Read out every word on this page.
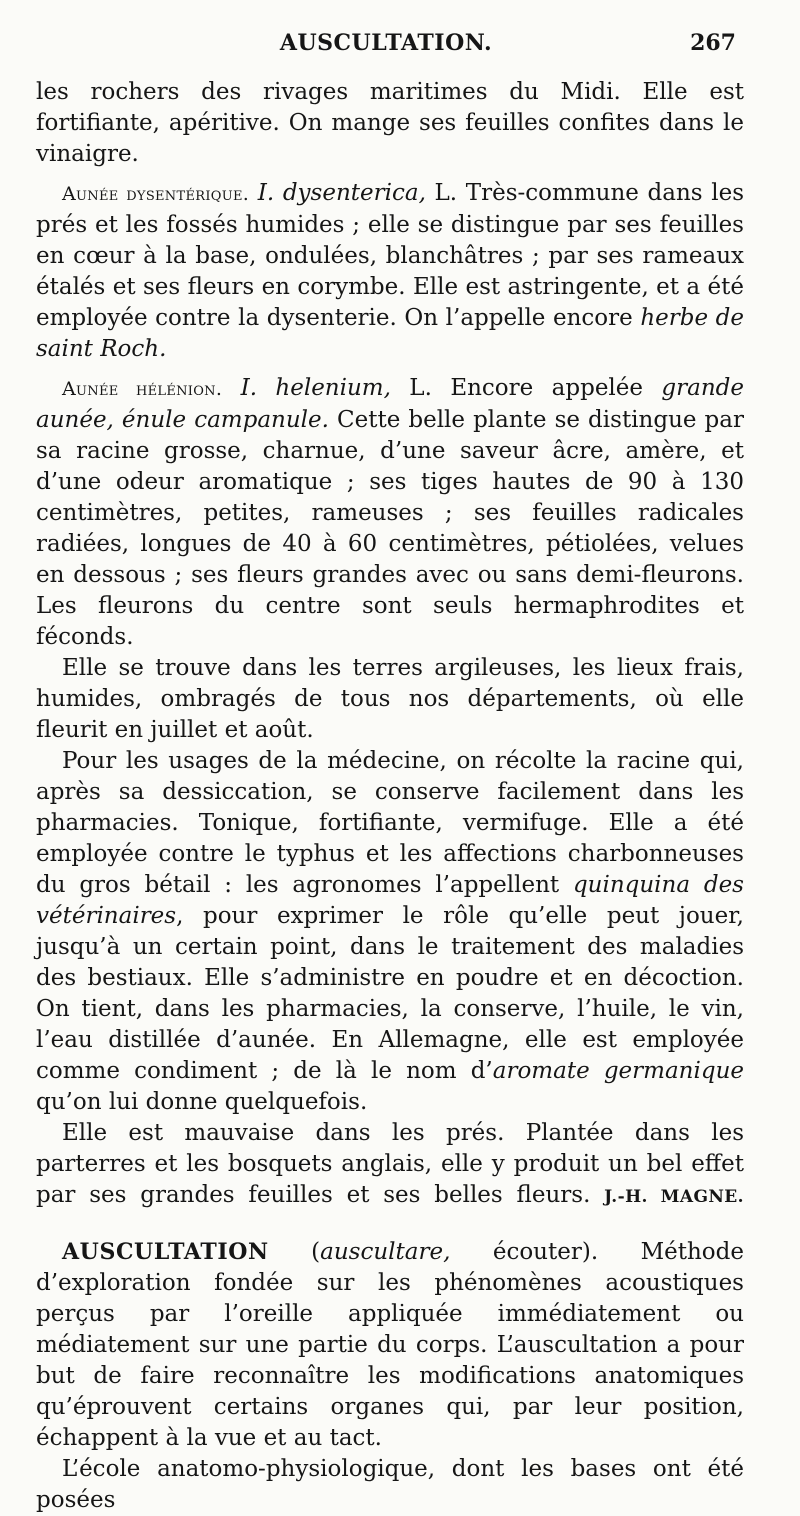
AUSCULTATION.	267

les rochers des rivages maritimes du Midi. Elle est fortifiante, apéritive. On mange ses feuilles confites dans le vinaigre.

Aunée dysentérique. I. dysenterica, L. Très-commune dans les prés et les fossés humides ; elle se distingue par ses feuilles en cœur à la base, ondulées, blanchâtres ; par ses rameaux étalés et ses fleurs en corymbe. Elle est astringente, et a été employée contre la dysenterie. On l’appelle encore herbe de saint Roch.

Aunée hélénion. I. helenium, L. Encore appelée grande aunée, énule campanule. Cette belle plante se distingue par sa racine grosse, charnue, d’une saveur âcre, amère, et d’une odeur aromatique ; ses tiges hautes de 90 à 130 centimètres, petites, rameuses ; ses feuilles radicales radiées, longues de 40 à 60 centimètres, pétiolées, velues en dessous ; ses fleurs grandes avec ou sans demi-fleurons. Les fleurons du centre sont seuls hermaphrodites et féconds.

Elle se trouve dans les terres argileuses, les lieux frais, humides, ombragés de tous nos départements, où elle fleurit en juillet et août.

Pour les usages de la médecine, on récolte la racine qui, après sa dessiccation, se conserve facilement dans les pharmacies. Tonique, fortifiante, vermifuge. Elle a été employée contre le typhus et les affections charbonneuses du gros bétail : les agronomes l’appellent quinquina des vétérinaires, pour exprimer le rôle qu’elle peut jouer, jusqu’à un certain point, dans le traitement des maladies des bestiaux. Elle s’administre en poudre et en décoction. On tient, dans les pharmacies, la conserve, l’huile, le vin, l’eau distillée d’aunée. En Allemagne, elle est employée comme condiment ; de là le nom d’aromate germanique qu’on lui donne quelquefois.

Elle est mauvaise dans les prés. Plantée dans les parterres et les bosquets anglais, elle y produit un bel effet par ses grandes feuilles et ses belles fleurs. J.-H. MAGNE.

AUSCULTATION (auscultare, écouter). Méthode d’exploration fondée sur les phénomènes acoustiques perçus par l’oreille appliquée immédiatement ou médiatement sur une partie du corps. L’auscultation a pour but de faire reconnaître les modifications anatomiques qu’éprouvent certains organes qui, par leur position, échappent à la vue et au tact.

L’école anatomo-physiologique, dont les bases ont été posées
